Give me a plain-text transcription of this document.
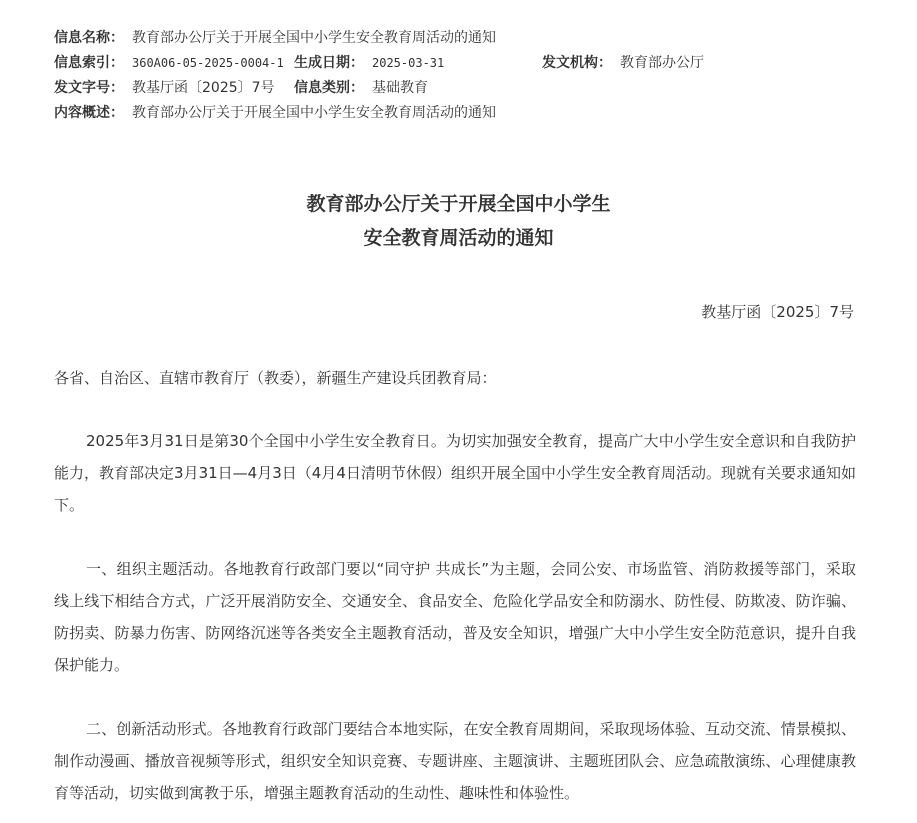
信息名称： 教育部办公厅关于开展全国中小学生安全教育周活动的通知
信息索引： 360A06-05-2025-0004-1 生成日期： 2025-03-31	发文机构： 教育部办公厅
发文字号： 教基厅函〔2025〕7号 信息类别： 基础教育
内容概述： 教育部办公厅关于开展全国中小学生安全教育周活动的通知
教育部办公厅关于开展全国中小学生
安全教育周活动的通知
教基厅函〔2025〕7号
各省、自治区、直辖市教育厅（教委），新疆生产建设兵团教育局：

2025年3月31日是第30个全国中小学生安全教育日。为切实加强安全教育，提高广大中小学生安全意识和自我防护能力，教育部决定3月31日—4月3日（4月4日清明节休假）组织开展全国中小学生安全教育周活动。现就有关要求通知如下。

一、组织主题活动。各地教育行政部门要以“同守护 共成长”为主题，会同公安、市场监管、消防救援等部门，采取线上线下相结合方式，广泛开展消防安全、交通安全、食品安全、危险化学品安全和防溺水、防性侵、防欺凌、防诈骗、防拐卖、防暴力伤害、防网络沉迷等各类安全主题教育活动，普及安全知识，增强广大中小学生安全防范意识，提升自我保护能力。

二、创新活动形式。各地教育行政部门要结合本地实际，在安全教育周期间，采取现场体验、互动交流、情景模拟、制作动漫画、播放音视频等形式，组织安全知识竞赛、专题讲座、主题演讲、主题班团队会、应急疏散演练、心理健康教育等活动，切实做到寓教于乐，增强主题教育活动的生动性、趣味性和体验性。
